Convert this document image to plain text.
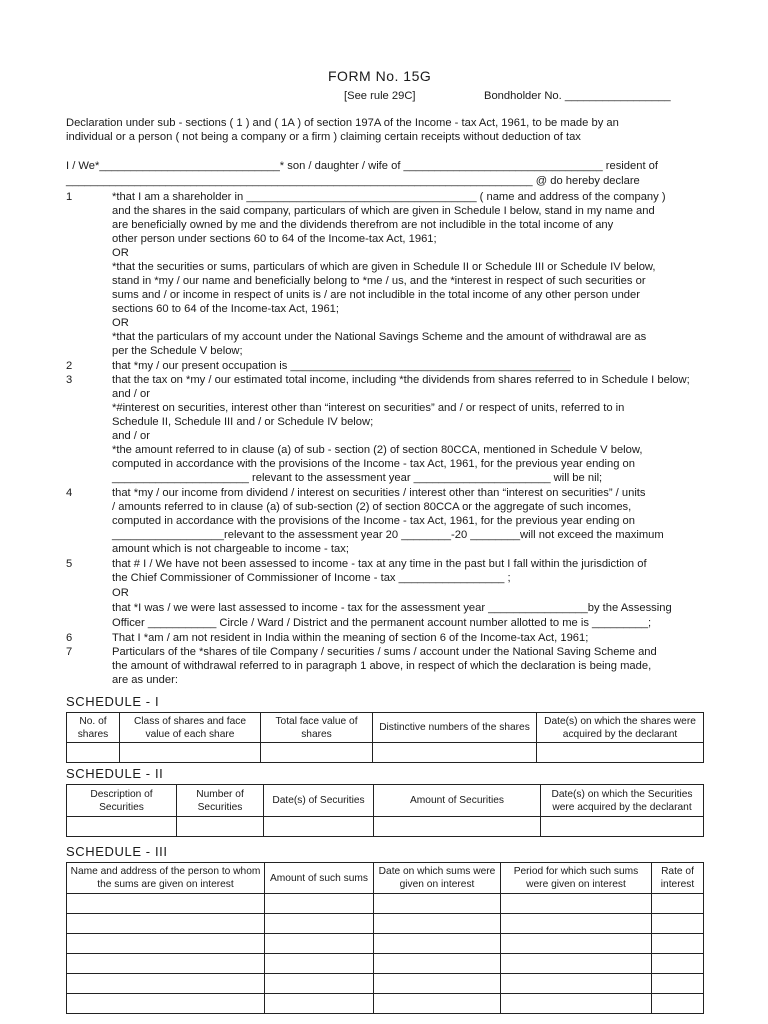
FORM No. 15G
[See rule 29C]	Bondholder No. _________________
Declaration under sub - sections ( 1 ) and ( 1A ) of section 197A of the Income - tax Act, 1961, to be made by an
individual or a person ( not being a company or a firm ) claiming certain receipts without deduction of tax
I / We*_____________________________* son / daughter / wife of ________________________________ resident of
___________________________________________________________________________ @ do hereby declare
1	*that I am a shareholder in _____________________________________ ( name and address of the company )
and the shares in the said company, particulars of which are given in Schedule I below, stand in my name and
are beneficially owned by me and the dividends therefrom are not includible in the total income of any
other person under sections 60 to 64 of the Income-tax Act, 1961;
OR
*that the securities or sums, particulars of which are given in Schedule II or Schedule III or Schedule IV below,
stand in *my / our name and beneficially belong to *me / us, and the *interest in respect of such securities or
sums and / or income in respect of units is / are not includible in the total income of any other person under
sections 60 to 64 of the Income-tax Act, 1961;
OR
*that the particulars of my account under the National Savings Scheme and the amount of withdrawal are as
per the Schedule V below;
2	that *my / our present occupation is _____________________________________________
3	that the tax on *my / our estimated total income, including *the dividends from shares referred to in Schedule I below;
and / or
*#interest on securities, interest other than “interest on securities” and / or respect of units, referred to in
Schedule II, Schedule III and / or Schedule IV below;
and / or
*the amount referred to in clause (a) of sub - section (2) of section 80CCA, mentioned in Schedule V below,
computed in accordance with the provisions of the Income - tax Act, 1961, for the previous year ending on
______________________ relevant to the assessment year ______________________ will be nil;
4	that *my / our income from dividend / interest on securities / interest other than “interest on securities” / units
/ amounts referred to in clause (a) of sub-section (2) of section 80CCA or the aggregate of such incomes,
computed in accordance with the provisions of the Income - tax Act, 1961, for the previous year ending on
__________________relevant to the assessment year 20 ________-20 ________will not exceed the maximum
amount which is not chargeable to income - tax;
5	that # I / We have not been assessed to income - tax at any time in the past but I fall within the jurisdiction of
the Chief Commissioner of Commissioner of Income - tax _________________ ;
OR
that *I was / we were last assessed to income - tax for the assessment year ________________by the Assessing
Officer ___________ Circle / Ward / District and the permanent account number allotted to me is _________;
6	That I *am / am not resident in India within the meaning of section 6 of the Income-tax Act, 1961;
7	Particulars of the *shares of tile Company / securities / sums / account under the National Saving Scheme and
the amount of withdrawal referred to in paragraph 1 above, in respect of which the declaration is being made,
are as under:
SCHEDULE - I
No. of shares	Class of shares and face value of each share	Total face value of shares	Distinctive numbers of the shares	Date(s) on which the shares were acquired by the declarant

SCHEDULE - II
Description of Securities	Number of Securities	Date(s) of Securities	Amount of Securities	Date(s) on which the Securities were acquired by the declarant

SCHEDULE - III
Name and address of the person to whom the sums are given on interest	Amount of such sums	Date on which sums were given on interest	Period for which such sums were given on interest	Rate of interest
